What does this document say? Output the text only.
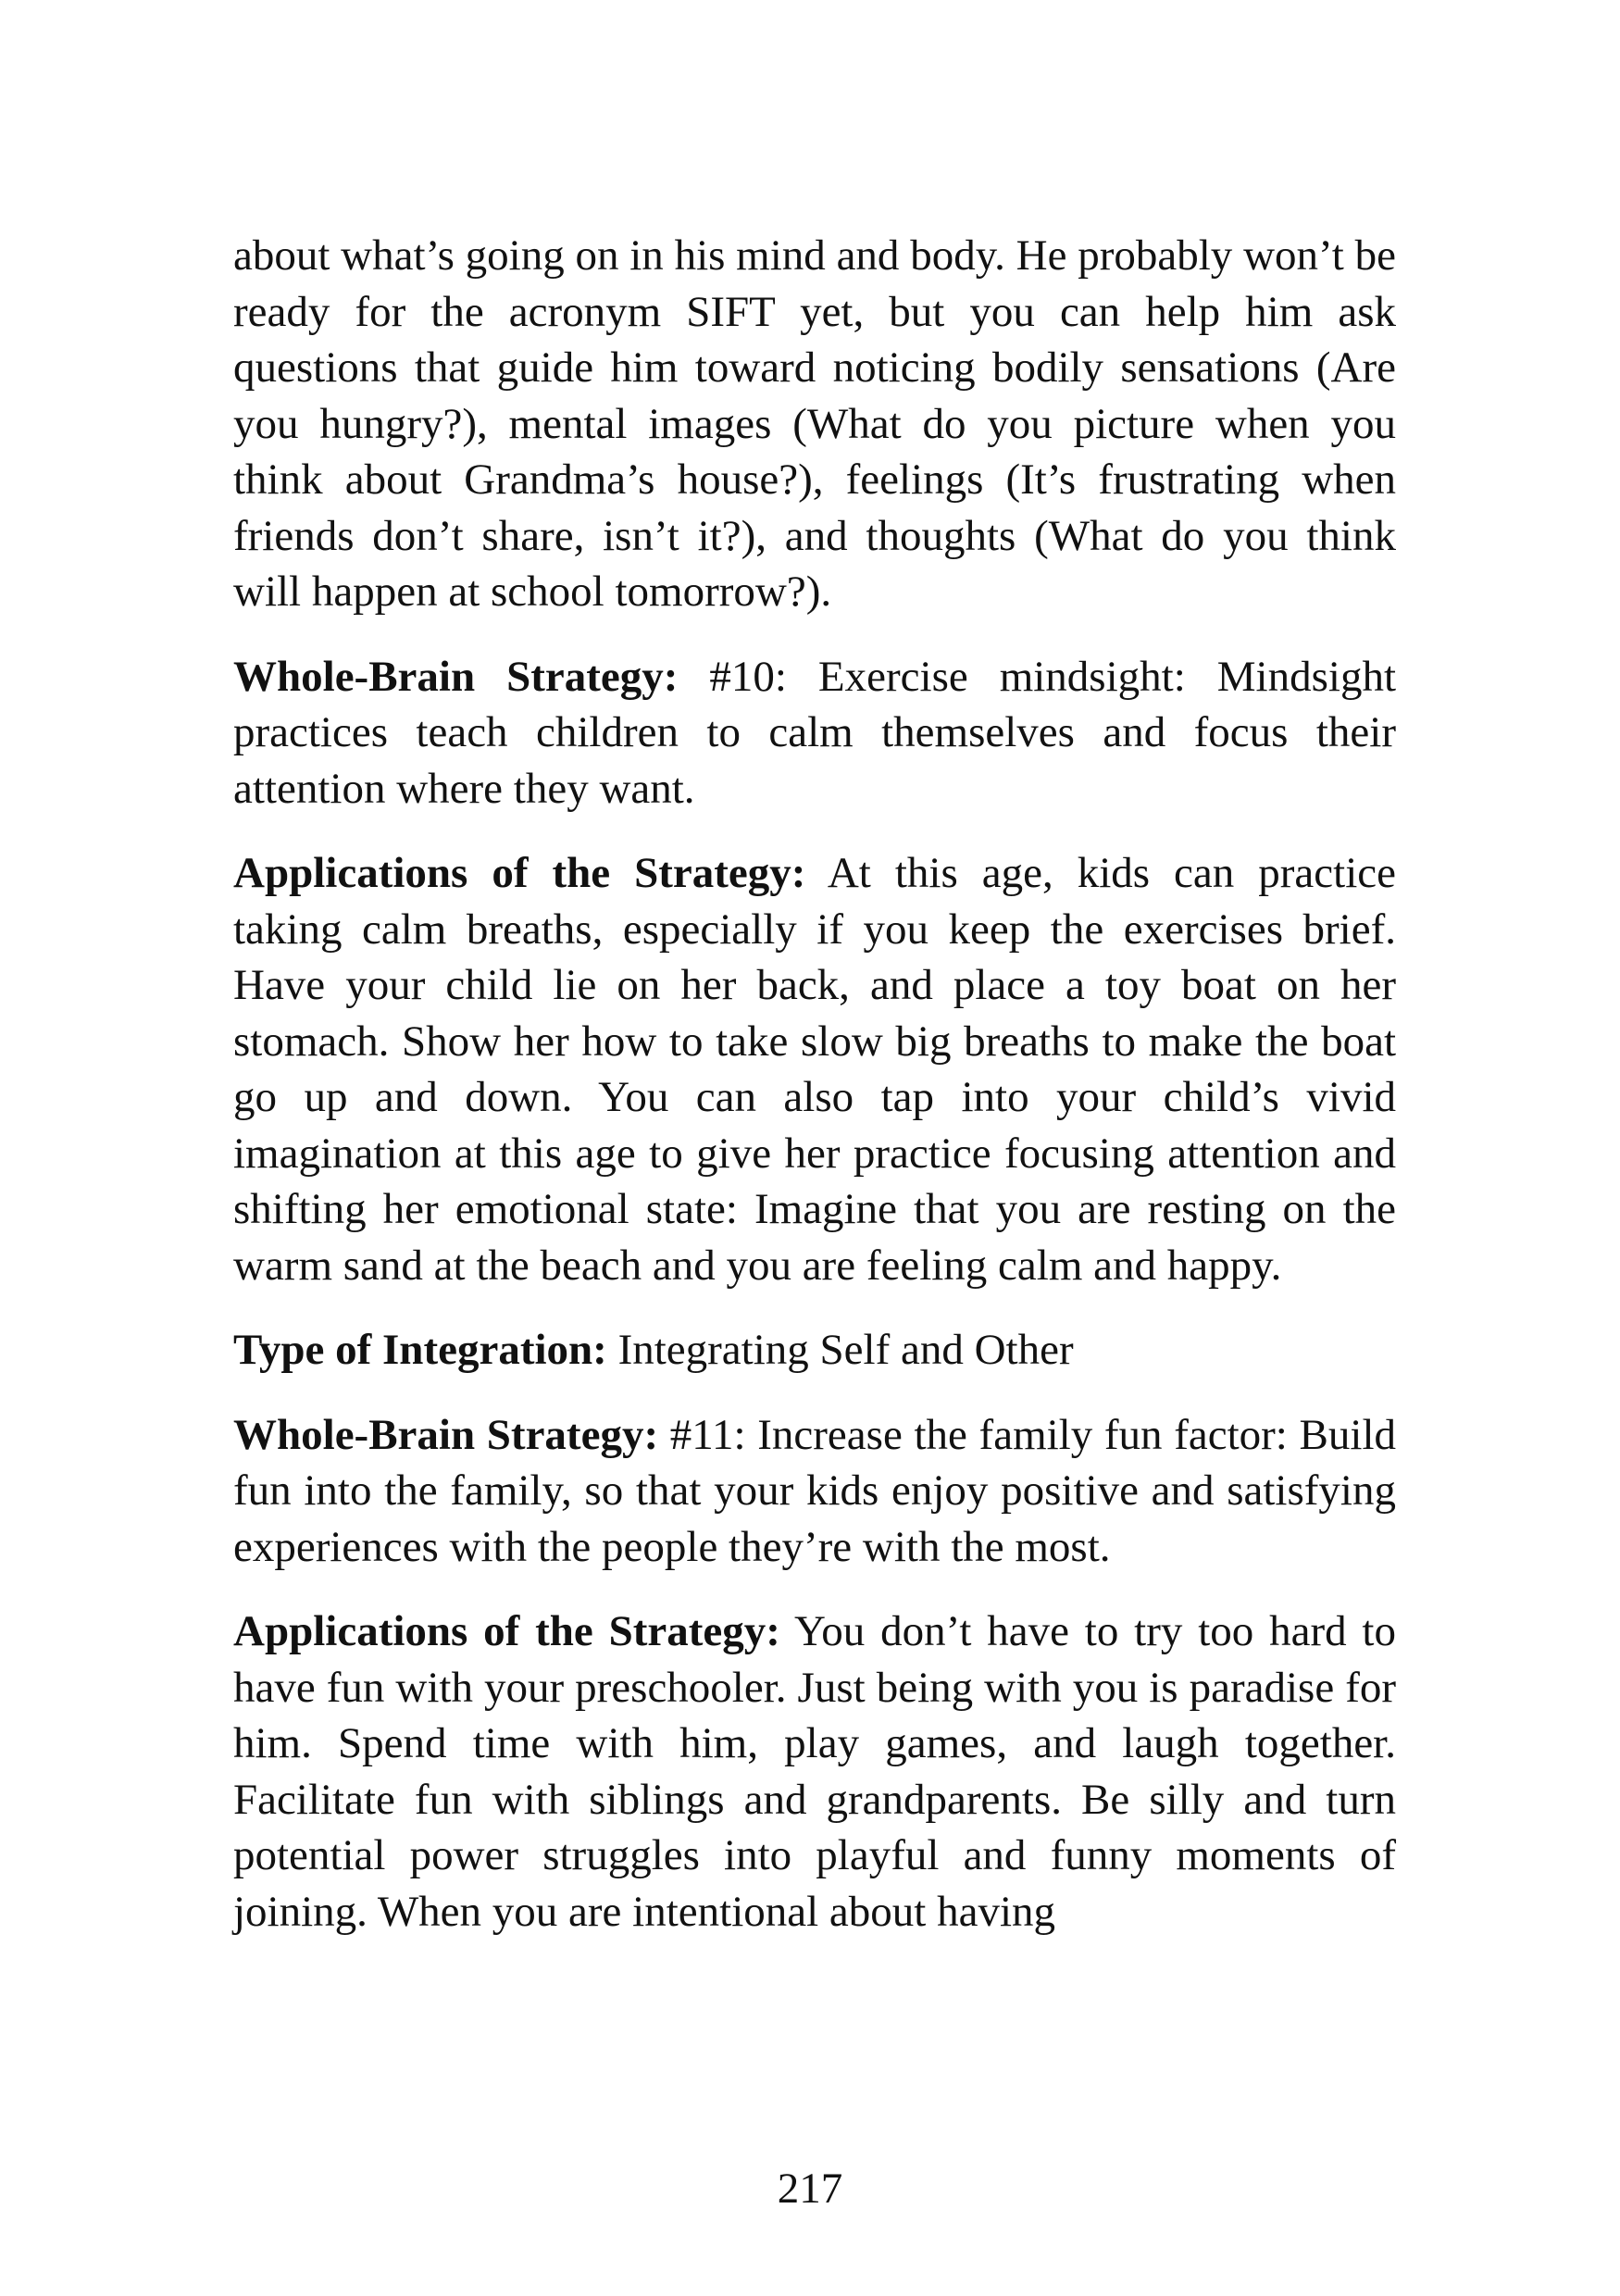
about what’s going on in his mind and body. He probably won’t be ready for the acronym SIFT yet, but you can help him ask questions that guide him toward noticing bodily sensations (Are you hungry?), mental images (What do you picture when you think about Grandma’s house?), feelings (It’s frustrating when friends don’t share, isn’t it?), and thoughts (What do you think will happen at school tomorrow?).

Whole-Brain Strategy: #10: Exercise mindsight: Mindsight practices teach children to calm themselves and focus their attention where they want.

Applications of the Strategy: At this age, kids can practice taking calm breaths, especially if you keep the exercises brief. Have your child lie on her back, and place a toy boat on her stomach. Show her how to take slow big breaths to make the boat go up and down. You can also tap into your child’s vivid imagination at this age to give her practice focusing attention and shifting her emotional state: Imagine that you are resting on the warm sand at the beach and you are feeling calm and happy.

Type of Integration: Integrating Self and Other

Whole-Brain Strategy: #11: Increase the family fun factor: Build fun into the family, so that your kids enjoy positive and satisfying experiences with the people they’re with the most.

Applications of the Strategy: You don’t have to try too hard to have fun with your preschooler. Just being with you is paradise for him. Spend time with him, play games, and laugh together. Facilitate fun with siblings and grandparents. Be silly and turn potential power struggles into playful and funny moments of joining. When you are intentional about having

217
